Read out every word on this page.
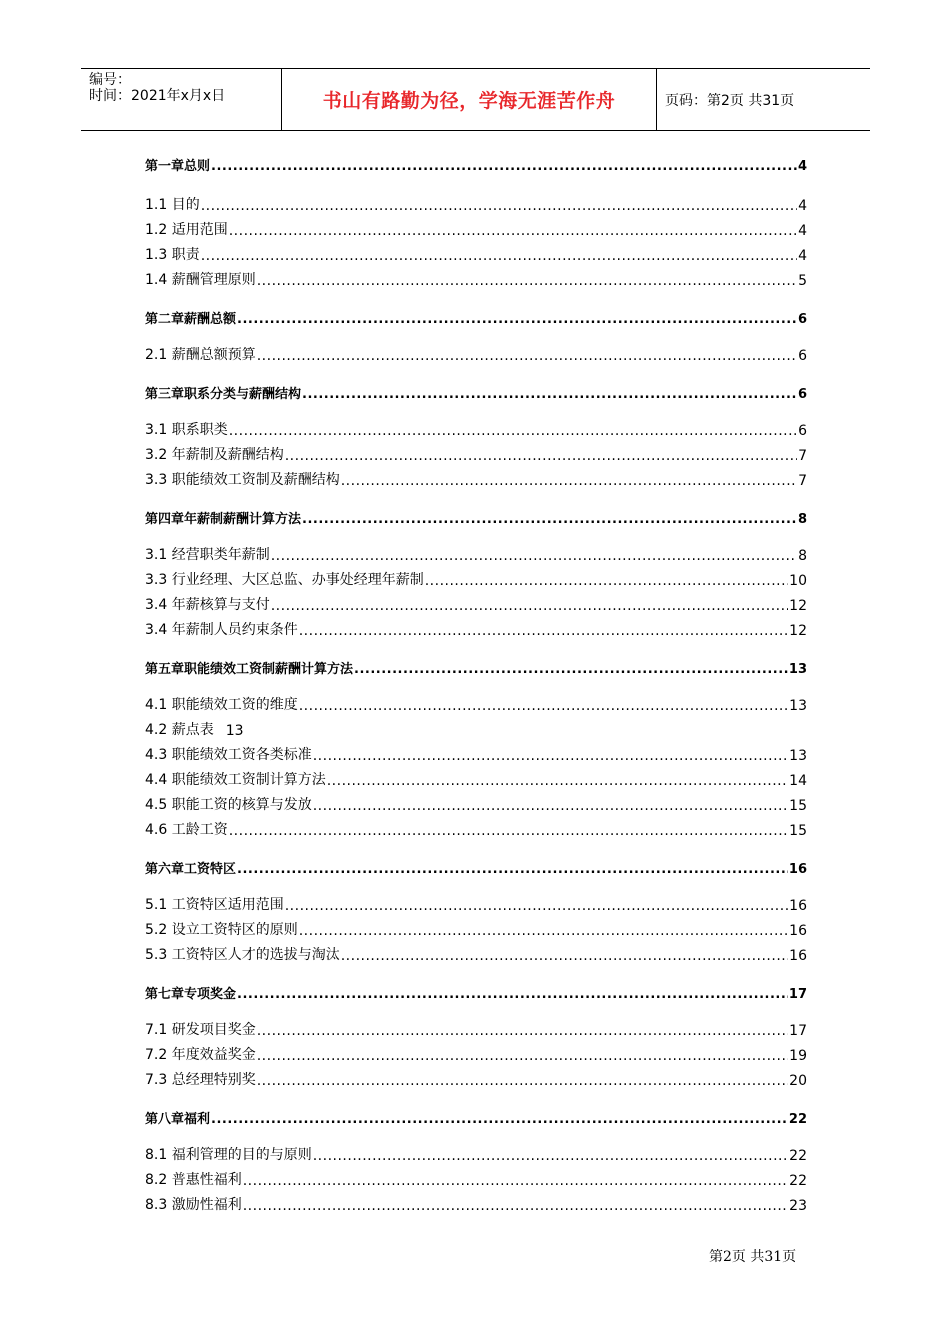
编号：
时间：2021年x月x日	书山有路勤为径，学海无涯苦作舟	页码：第2页 共31页
第一章总则 .....	4
1.1 目的 .....	4
1.2 适用范围 .....	4
1.3 职责 .....	4
1.4 薪酬管理原则 .....	5
第二章薪酬总额 .....	6
2.1 薪酬总额预算 .....	6
第三章职系分类与薪酬结构 .....	6
3.1 职系职类 .....	6
3.2 年薪制及薪酬结构 .....	7
3.3 职能绩效工资制及薪酬结构 .....	7
第四章年薪制薪酬计算方法 .....	8
3.1 经营职类年薪制 .....	8
3.3 行业经理、大区总监、办事处经理年薪制 .....	10
3.4 年薪核算与支付 .....	12
3.4 年薪制人员约束条件 .....	12
第五章职能绩效工资制薪酬计算方法 .....	13
4.1 职能绩效工资的维度 .....	13
4.2 薪点表 13
4.3 职能绩效工资各类标准 .....	13
4.4 职能绩效工资制计算方法 .....	14
4.5 职能工资的核算与发放 .....	15
4.6 工龄工资 .....	15
第六章工资特区 .....	16
5.1 工资特区适用范围 .....	16
5.2 设立工资特区的原则 .....	16
5.3 工资特区人才的选拔与淘汰 .....	16
第七章专项奖金 .....	17
7.1 研发项目奖金 .....	17
7.2 年度效益奖金 .....	19
7.3 总经理特别奖 .....	20
第八章福利 .....	22
8.1 福利管理的目的与原则 .....	22
8.2 普惠性福利 .....	22
8.3 激励性福利 .....	23
第2页 共31页
